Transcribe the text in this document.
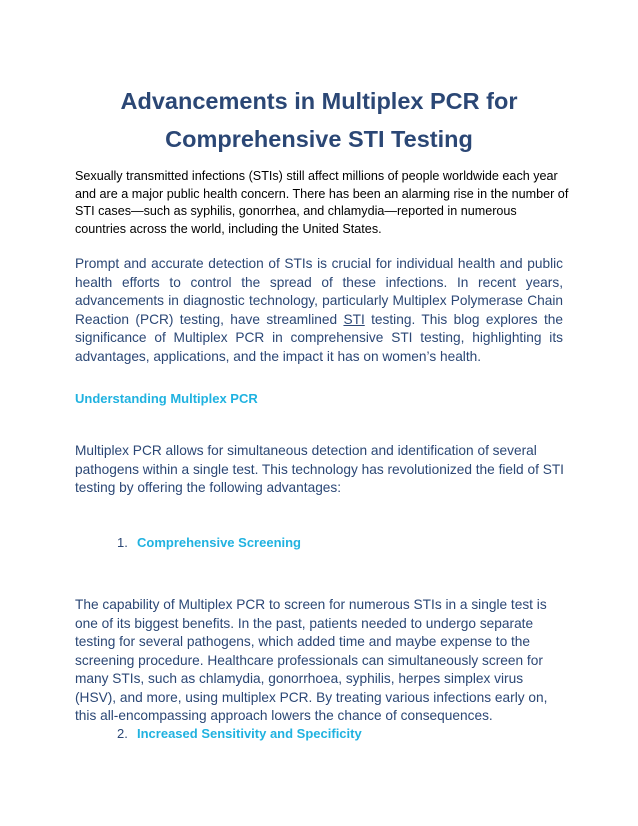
Advancements in Multiplex PCR for
Comprehensive STI Testing
Sexually transmitted infections (STIs) still affect millions of people worldwide each year and are a major public health concern. There has been an alarming rise in the number of STI cases—such as syphilis, gonorrhea, and chlamydia—reported in numerous countries across the world, including the United States.
Prompt and accurate detection of STIs is crucial for individual health and public health efforts to control the spread of these infections. In recent years, advancements in diagnostic technology, particularly Multiplex Polymerase Chain Reaction (PCR) testing, have streamlined STI testing. This blog explores the significance of Multiplex PCR in comprehensive STI testing, highlighting its advantages, applications, and the impact it has on women’s health.
Understanding Multiplex PCR
Multiplex PCR allows for simultaneous detection and identification of several pathogens within a single test. This technology has revolutionized the field of STI testing by offering the following advantages:
1. Comprehensive Screening
The capability of Multiplex PCR to screen for numerous STIs in a single test is one of its biggest benefits. In the past, patients needed to undergo separate testing for several pathogens, which added time and maybe expense to the screening procedure. Healthcare professionals can simultaneously screen for many STIs, such as chlamydia, gonorrhoea, syphilis, herpes simplex virus (HSV), and more, using multiplex PCR. By treating various infections early on, this all-encompassing approach lowers the chance of consequences.
2. Increased Sensitivity and Specificity
